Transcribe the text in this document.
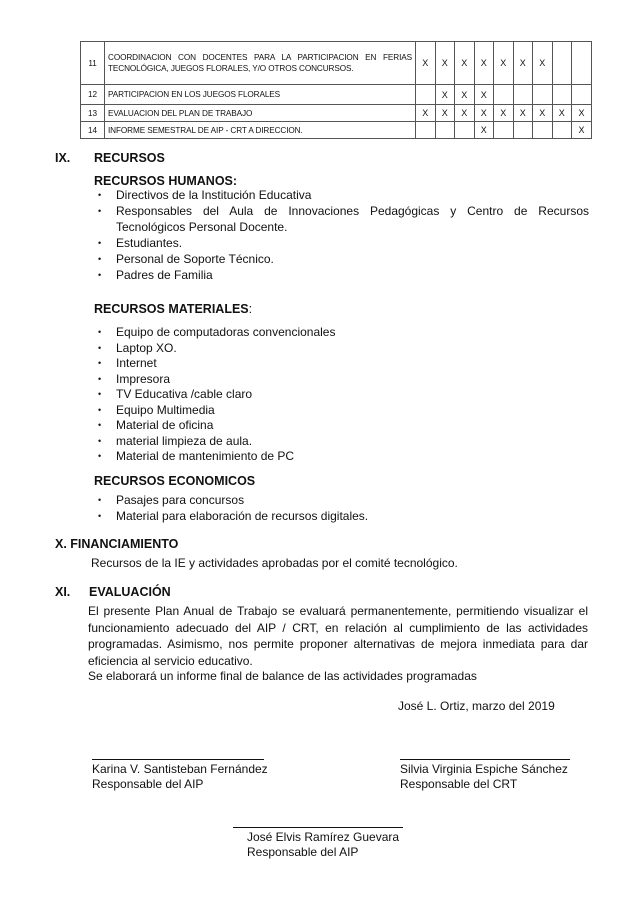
11	COORDINACION CON DOCENTES PARA LA PARTICIPACION EN FERIAS TECNOLÓGICA, JUEGOS FLORALES, Y/O OTROS CONCURSOS.	X	X	X	X	X	X	X		
12	PARTICIPACION EN LOS JUEGOS FLORALES		X	X	X					
13	EVALUACION DEL PLAN DE TRABAJO	X	X	X	X	X	X	X	X	X
14	INFORME SEMESTRAL DE AIP - CRT A DIRECCION.				X					X
IX. RECURSOS
RECURSOS HUMANOS:
• Directivos de la Institución Educativa
• Responsables del Aula de Innovaciones Pedagógicas y Centro de Recursos Tecnológicos Personal Docente.
• Estudiantes.
• Personal de Soporte Técnico.
• Padres de Familia
RECURSOS MATERIALES:
• Equipo de computadoras convencionales
• Laptop XO.
• Internet
• Impresora
• TV Educativa /cable claro
• Equipo Multimedia
• Material de oficina
• material limpieza de aula.
• Material de mantenimiento de PC
RECURSOS ECONOMICOS
• Pasajes para concursos
• Material para elaboración de recursos digitales.
X. FINANCIAMIENTO
Recursos de la IE y actividades aprobadas por el comité tecnológico.
XI. EVALUACIÓN
El presente Plan Anual de Trabajo se evaluará permanentemente, permitiendo visualizar el funcionamiento adecuado del AIP / CRT, en relación al cumplimiento de las actividades programadas. Asimismo, nos permite proponer alternativas de mejora inmediata para dar eficiencia al servicio educativo.
Se elaborará un informe final de balance de las actividades programadas
José L. Ortiz, marzo del 2019
Karina V. Santisteban Fernández
Responsable del AIP
Silvia Virginia Espiche Sánchez
Responsable del CRT
José Elvis Ramírez Guevara
Responsable del AIP
